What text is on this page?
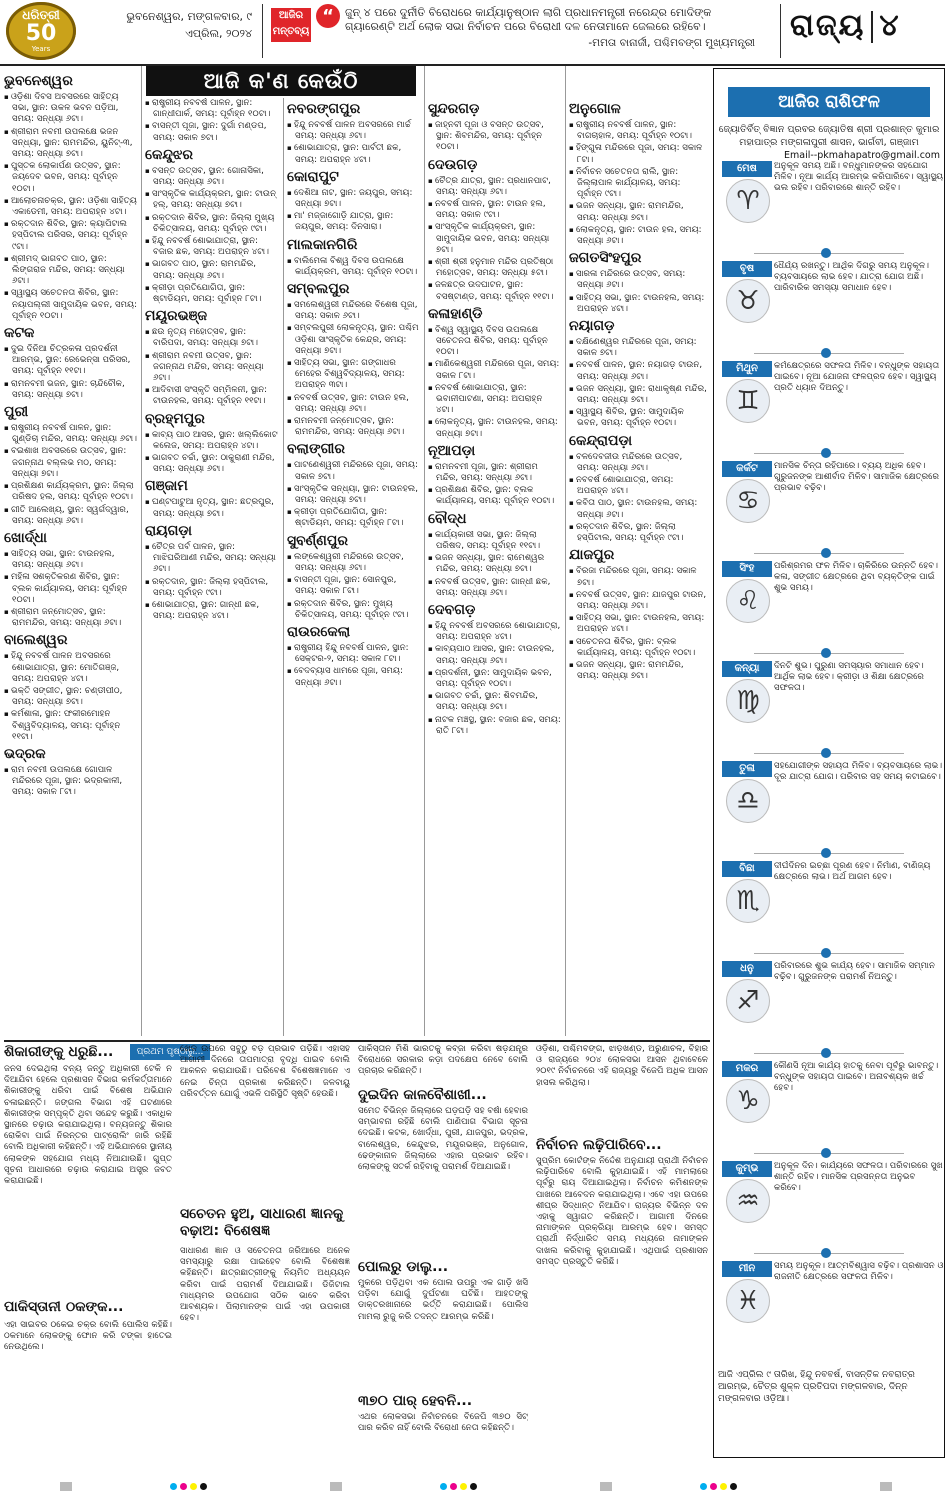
ଧରିତ୍ରୀ
50
Years
ଭୁବନେଶ୍ୱର, ମଙ୍ଗଳବାର, ୯ ଏପ୍ରିଲ, ୨୦୨୪
ଆଜିର ମନ୍ତବ୍ୟ
“	ଜୁନ୍ ୪ ପରେ ଦୁର୍ନୀତି ବିରୋଧରେ କାର୍ଯ୍ୟାନୁଷ୍ଠାନ ଲାଗି ପ୍ରଧାନମନ୍ତ୍ରୀ ନରେନ୍ଦ୍ର ମୋଦିଙ୍କ ଗ୍ୟାରେଣ୍ଟି ଅର୍ଥ ଲୋକ ସଭା ନିର୍ବାଚନ ପରେ ବିରୋଧୀ ଦଳ ନେତାମାନେ ଜେଲରେ ରହିବେ।
-ମମତା ବାନାର୍ଜୀ, ପଶ୍ଚିମବଙ୍ଗ ମୁଖ୍ୟମନ୍ତ୍ରୀ ରାଜ୍ୟ ୪
ଆଜି କ'ଣ କେଉଁଠି
ଭୁବନେଶ୍ୱର
▪ ଓଡ଼ିଶା ଦିବସ ଅବସରରେ ସାହିତ୍ୟ ସଭା, ସ୍ଥାନ: ଉକଳ ଭବନ ପଡ଼ିଆ, ସମୟ: ସନ୍ଧ୍ୟା ୬ଟା।
▪ ଶ୍ରୀରାମ ନବମୀ ଉପଲକ୍ଷେ ଭଜନ ସନ୍ଧ୍ୟା, ସ୍ଥାନ: ରାମମନ୍ଦିର, ୟୁନିଟ୍-୩, ସମୟ: ସନ୍ଧ୍ୟା ୭ଟା।
▪ ପୁସ୍ତକ ଲୋକାର୍ପଣ ଉତ୍ସବ, ସ୍ଥାନ: ଜୟଦେବ ଭବନ, ସମୟ: ପୂର୍ବାହ୍ନ ୧୦ଟା।
▪ ଆଲୋଚନାଚକ୍ର, ସ୍ଥାନ: ଓଡ଼ିଶା ସାହିତ୍ୟ ଏକାଡେମୀ, ସମୟ: ଅପରାହ୍ନ ୪ଟା।
▪ ରକ୍ତଦାନ ଶିବିର, ସ୍ଥାନ: କ୍ୟାପିଟାଲ ହସ୍ପିଟାଲ ପରିସର, ସମୟ: ପୂର୍ବାହ୍ନ ୯ଟା।
▪ ଶ୍ରୀମଦ୍ ଭାଗବତ ପାଠ, ସ୍ଥାନ: ଲିଙ୍ଗରାଜ ମନ୍ଦିର, ସମୟ: ସନ୍ଧ୍ୟା ୬ଟା।
▪ ସ୍ୱାସ୍ଥ୍ୟ ସଚେତନତା ଶିବିର, ସ୍ଥାନ: ନୟାପଲ୍ଲୀ ସାମୁଦାୟିକ ଭବନ, ସମୟ: ପୂର୍ବାହ୍ନ ୧୦ଟା।
କଟକ
▪ ଦୁଇ ଦିନିଆ ଚିତ୍ରକଳା ପ୍ରଦର୍ଶନୀ ଆରମ୍ଭ, ସ୍ଥାନ: ରେଭେନ୍ସା ପରିସର, ସମୟ: ପୂର୍ବାହ୍ନ ୧୧ଟା।
▪ ରାମନବମୀ ଭଜନ, ସ୍ଥାନ: ଚାନ୍ଦିଚୌକ, ସମୟ: ସନ୍ଧ୍ୟା ୭ଟା।
ପୁରୀ
▪ ରାଷ୍ଟ୍ରୀୟ ନବବର୍ଷ ପାଳନ, ସ୍ଥାନ: ଗୁଣ୍ଡିଚା ମନ୍ଦିର, ସମୟ: ସନ୍ଧ୍ୟା ୬ଟା।
▪ ବଇଶାଖ ଅବସରରେ ଉତ୍ସବ, ସ୍ଥାନ: ଜଗନ୍ନାଥ ବଲ୍ଲଭ ମଠ, ସମୟ: ସନ୍ଧ୍ୟା ୭ଟା।
▪ ପ୍ରଶିକ୍ଷଣ କାର୍ଯ୍ୟକ୍ରମ, ସ୍ଥାନ: ଜିଲ୍ଲା ପରିଷଦ ହଲ, ସମୟ: ପୂର୍ବାହ୍ନ ୧୦ଟା।
▪ ଗୀତି ଆଲେଖ୍ୟ, ସ୍ଥାନ: ସ୍ୱର୍ଗଦ୍ୱାର, ସମୟ: ସନ୍ଧ୍ୟା ୬ଟା।
ଖୋର୍ଦ୍ଧା
▪ ସାହିତ୍ୟ ସଭା, ସ୍ଥାନ: ଟାଉନହଲ, ସମୟ: ସନ୍ଧ୍ୟା ୬ଟା।
▪ ମହିଳା ସଶକ୍ତିକରଣ ଶିବିର, ସ୍ଥାନ: ବ୍ଲକ କାର୍ଯ୍ୟାଳୟ, ସମୟ: ପୂର୍ବାହ୍ନ ୧୦ଟା।
▪ ଶ୍ରୀରାମ ଜନ୍ମୋତ୍ସବ, ସ୍ଥାନ: ରାମମନ୍ଦିର, ସମୟ: ସନ୍ଧ୍ୟା ୬ଟା।
ବାଲେଶ୍ୱର
▪ ହିନ୍ଦୁ ନବବର୍ଷ ପାଳନ ଅବସରରେ ଶୋଭାଯାତ୍ରା, ସ୍ଥାନ: ମୋତିଗଞ୍ଜ, ସମୟ: ଅପରାହ୍ନ ୪ଟା।
▪ ଭକ୍ତି ସଙ୍ଗୀତ, ସ୍ଥାନ: ଚଣ୍ଡୀପୀଠ, ସମୟ: ସନ୍ଧ୍ୟା ୭ଟା।
▪ କର୍ମଶାଳା, ସ୍ଥାନ: ଫକୀରମୋହନ ବିଶ୍ୱବିଦ୍ୟାଳୟ, ସମୟ: ପୂର୍ବାହ୍ନ ୧୧ଟା।
ଭଦ୍ରକ
▪ ରାମ ନବମୀ ଉପଲକ୍ଷେ ଗୋପାଳ ମନ୍ଦିରରେ ପୂଜା, ସ୍ଥାନ: ଭଦ୍ରକାଳୀ, ସମୟ: ସକାଳ ୮ଟା।
▪ ରାଷ୍ଟ୍ରୀୟ ନବବର୍ଷ ପାଳନ, ସ୍ଥାନ: ଗାନ୍ଧୀପାର୍କ, ସମୟ: ପୂର୍ବାହ୍ନ ୧୦ଟା।
▪ ବାସନ୍ତୀ ପୂଜା, ସ୍ଥାନ: ଦୁର୍ଗା ମଣ୍ଡପ, ସମୟ: ସକାଳ ୭ଟା।
କେନ୍ଦୁଝର
▪ ବସନ୍ତ ଉତ୍ସବ, ସ୍ଥାନ: ଗୋନାସିକା, ସମୟ: ସନ୍ଧ୍ୟା ୬ଟା।
▪ ସାଂସ୍କୃତିକ କାର୍ଯ୍ୟକ୍ରମ, ସ୍ଥାନ: ଟାଉନ୍ ହଲ୍, ସମୟ: ସନ୍ଧ୍ୟା ୭ଟା।
▪ ରକ୍ତଦାନ ଶିବିର, ସ୍ଥାନ: ଜିଲ୍ଲା ମୁଖ୍ୟ ଚିକିତ୍ସାଳୟ, ସମୟ: ପୂର୍ବାହ୍ନ ୯ଟା।
▪ ହିନ୍ଦୁ ନବବର୍ଷ ଶୋଭାଯାତ୍ରା, ସ୍ଥାନ: ବଜାର ଛକ, ସମୟ: ଅପରାହ୍ନ ୪ଟା।
▪ ଭାଗବତ ପାଠ, ସ୍ଥାନ: ରାମମନ୍ଦିର, ସମୟ: ସନ୍ଧ୍ୟା ୬ଟା।
▪ କ୍ରୀଡ଼ା ପ୍ରତିଯୋଗିତା, ସ୍ଥାନ: ଷ୍ଟାଡିୟମ, ସମୟ: ପୂର୍ବାହ୍ନ ୮ଟା।
ମୟୂରଭଞ୍ଜ
▪ ଛଉ ନୃତ୍ୟ ମହୋତ୍ସବ, ସ୍ଥାନ: ବାରିପଦା, ସମୟ: ସନ୍ଧ୍ୟା ୭ଟା।
▪ ଶ୍ରୀରାମ ନବମୀ ଉତ୍ସବ, ସ୍ଥାନ: ଜଗନ୍ନାଥ ମନ୍ଦିର, ସମୟ: ସନ୍ଧ୍ୟା ୬ଟା।
▪ ଆଦିବାସୀ ସଂସ୍କୃତି ସମ୍ମିଳନୀ, ସ୍ଥାନ: ଟାଉନହଲ, ସମୟ: ପୂର୍ବାହ୍ନ ୧୧ଟା।
ବ୍ରହ୍ମପୁର
▪ କାବ୍ୟ ପାଠ ଆସର, ସ୍ଥାନ: ଖଲ୍ଲିକୋଟ କଲେଜ, ସମୟ: ଅପରାହ୍ନ ୪ଟା।
▪ ଭାଗବତ ଚର୍ଚ୍ଚା, ସ୍ଥାନ: ଠାକୁରାଣୀ ମନ୍ଦିର, ସମୟ: ସନ୍ଧ୍ୟା ୬ଟା।
ଗଞ୍ଜାମ
▪ ଘଣ୍ଟପାଟୁଆ ନୃତ୍ୟ, ସ୍ଥାନ: ଛତ୍ରପୁର, ସମୟ: ସନ୍ଧ୍ୟା ୭ଟା।
ରାୟଗଡ଼ା
▪ ଚୈତ୍ର ପର୍ବ ପାଳନ, ସ୍ଥାନ: ମାଝିଘରିଆଣୀ ମନ୍ଦିର, ସମୟ: ସନ୍ଧ୍ୟା ୬ଟା।
▪ ରକ୍ତଦାନ, ସ୍ଥାନ: ଜିଲ୍ଲା ହସ୍ପିଟାଲ, ସମୟ: ପୂର୍ବାହ୍ନ ୯ଟା।
▪ ଶୋଭାଯାତ୍ରା, ସ୍ଥାନ: ଗାନ୍ଧୀ ଛକ, ସମୟ: ଅପରାହ୍ନ ୪ଟା।
ନବରଙ୍ଗପୁର
▪ ହିନ୍ଦୁ ନବବର୍ଷ ପାଳନ ଅବସରରେ ମାର୍ଚ୍ଚ ସମୟ: ସନ୍ଧ୍ୟା ୬ଟା।
▪ ଶୋଭାଯାତ୍ରା, ସ୍ଥାନ: ପାର୍ବତୀ ଛକ, ସମୟ: ଅପରାହ୍ନ ୪ଟା।
କୋରାପୁଟ
▪ ଦେଶିଆ ନାଟ, ସ୍ଥାନ: ଜୟପୁର, ସମୟ: ସନ୍ଧ୍ୟା ୭ଟା।
▪ ମା' ମଜ୍ଜାଗୋଡ଼ି ଯାତ୍ରା, ସ୍ଥାନ: ଜୟପୁର, ସମୟ: ଦିନସାରା।
ମାଲକାନଗିରି
▪ ବାଲିମେଳା ବିଶ୍ୱ ଦିବସ ଉପଲକ୍ଷେ କାର୍ଯ୍ୟକ୍ରମ, ସମୟ: ପୂର୍ବାହ୍ନ ୧୦ଟା।
ସମ୍ବଲପୁର
▪ ସମଲେଶ୍ୱରୀ ମନ୍ଦିରରେ ବିଶେଷ ପୂଜା, ସମୟ: ସକାଳ ୬ଟା।
▪ ସମ୍ବଲପୁରୀ ଲୋକନୃତ୍ୟ, ସ୍ଥାନ: ପଶ୍ଚିମ ଓଡ଼ିଶା ସାଂସ୍କୃତିକ କେନ୍ଦ୍ର, ସମୟ: ସନ୍ଧ୍ୟା ୭ଟା।
▪ ସାହିତ୍ୟ ସଭା, ସ୍ଥାନ: ଗଙ୍ଗାଧର ମେହେର ବିଶ୍ୱବିଦ୍ୟାଳୟ, ସମୟ: ଅପରାହ୍ନ ୩ଟା।
▪ ନବବର୍ଷ ଉତ୍ସବ, ସ୍ଥାନ: ଟାଉନ ହଲ, ସମୟ: ସନ୍ଧ୍ୟା ୬ଟା।
▪ ରାମନବମୀ ଜନ୍ମୋତ୍ସବ, ସ୍ଥାନ: ରାମମନ୍ଦିର, ସମୟ: ସନ୍ଧ୍ୟା ୬ଟା।
ବଲାଙ୍ଗୀର
▪ ପାଟଣେଶ୍ୱରୀ ମନ୍ଦିରରେ ପୂଜା, ସମୟ: ସକାଳ ୭ଟା।
▪ ସାଂସ୍କୃତିକ ସନ୍ଧ୍ୟା, ସ୍ଥାନ: ଟାଉନହଲ, ସମୟ: ସନ୍ଧ୍ୟା ୭ଟା।
▪ କ୍ରୀଡ଼ା ପ୍ରତିଯୋଗିତା, ସ୍ଥାନ: ଷ୍ଟାଡିୟମ, ସମୟ: ପୂର୍ବାହ୍ନ ୮ଟା।
ସୁବର୍ଣ୍ଣପୁର
▪ ଲଙ୍କେଶ୍ୱରୀ ମନ୍ଦିରରେ ଉତ୍ସବ, ସମୟ: ସନ୍ଧ୍ୟା ୬ଟା।
▪ ବାସନ୍ତୀ ପୂଜା, ସ୍ଥାନ: ସୋନପୁର, ସମୟ: ସକାଳ ୮ଟା।
▪ ରକ୍ତଦାନ ଶିବିର, ସ୍ଥାନ: ମୁଖ୍ୟ ଚିକିତ୍ସାଳୟ, ସମୟ: ପୂର୍ବାହ୍ନ ୯ଟା।
ରାଉରକେଲା
▪ ରାଷ୍ଟ୍ରୀୟ ହିନ୍ଦୁ ନବବର୍ଷ ପାଳନ, ସ୍ଥାନ: ସେକ୍ଟର-୨, ସମୟ: ସକାଳ ୮ଟା।
▪ ବେଦବ୍ୟାସ ଧାମରେ ପୂଜା, ସମୟ: ସନ୍ଧ୍ୟା ୬ଟା।
ସୁନ୍ଦରଗଡ଼
▪ ଜାହ୍ନବୀ ପୂଜା ଓ ବସନ୍ତ ଉତ୍ସବ, ସ୍ଥାନ: ଶିବମନ୍ଦିର, ସମୟ: ପୂର୍ବାହ୍ନ ୧୦ଟା।
ଦେଉଗଡ଼
▪ ଚୈତ୍ର ଯାତ୍ରା, ସ୍ଥାନ: ପ୍ରଧାନପାଟ, ସମୟ: ସନ୍ଧ୍ୟା ୬ଟା।
▪ ନବବର୍ଷ ପାଳନ, ସ୍ଥାନ: ଟାଉନ ହଲ, ସମୟ: ସକାଳ ୯ଟା।
▪ ସାଂସ୍କୃତିକ କାର୍ଯ୍ୟକ୍ରମ, ସ୍ଥାନ: ସାମୁଦାୟିକ ଭବନ, ସମୟ: ସନ୍ଧ୍ୟା ୭ଟା।
▪ ଶ୍ରୀ ଶ୍ରୀ ହନୁମାନ ମନ୍ଦିର ପ୍ରତିଷ୍ଠା ମହୋତ୍ସବ, ସମୟ: ସନ୍ଧ୍ୟା ୫ଟା।
▪ ଜଳଛତ୍ର ଉଦଘାଟନ, ସ୍ଥାନ: ବସଷ୍ଟାଣ୍ଡ, ସମୟ: ପୂର୍ବାହ୍ନ ୧୧ଟା।
କଳାହାଣ୍ଡି
▪ ବିଶ୍ୱ ସ୍ୱାସ୍ଥ୍ୟ ଦିବସ ଉପଲକ୍ଷେ ସଚେତନତା ଶିବିର, ସମୟ: ପୂର୍ବାହ୍ନ ୧୦ଟା।
▪ ମାଣିକେଶ୍ୱରୀ ମନ୍ଦିରରେ ପୂଜା, ସମୟ: ସକାଳ ୮ଟା।
▪ ନବବର୍ଷ ଶୋଭାଯାତ୍ରା, ସ୍ଥାନ: ଭବାନୀପାଟଣା, ସମୟ: ଅପରାହ୍ନ ୪ଟା।
▪ ଲୋକନୃତ୍ୟ, ସ୍ଥାନ: ଟାଉନହଲ, ସମୟ: ସନ୍ଧ୍ୟା ୭ଟା।
ନୂଆପଡ଼ା
▪ ରାମନବମୀ ପୂଜା, ସ୍ଥାନ: ଶ୍ରୀରାମ ମନ୍ଦିର, ସମୟ: ସନ୍ଧ୍ୟା ୬ଟା।
▪ ପ୍ରଶିକ୍ଷଣ ଶିବିର, ସ୍ଥାନ: ବ୍ଲକ କାର୍ଯ୍ୟାଳୟ, ସମୟ: ପୂର୍ବାହ୍ନ ୧୦ଟା।
ବୌଦ୍ଧ
▪ କାର୍ଯ୍ୟକାରୀ ସଭା, ସ୍ଥାନ: ଜିଲ୍ଲା ପରିଷଦ, ସମୟ: ପୂର୍ବାହ୍ନ ୧୧ଟା।
▪ ଭଜନ ସନ୍ଧ୍ୟା, ସ୍ଥାନ: ରାମେଶ୍ୱର ମନ୍ଦିର, ସମୟ: ସନ୍ଧ୍ୟା ୭ଟା।
▪ ନବବର୍ଷ ଉତ୍ସବ, ସ୍ଥାନ: ଗାନ୍ଧୀ ଛକ, ସମୟ: ସନ୍ଧ୍ୟା ୬ଟା।
ଦେବଗଡ଼
▪ ହିନ୍ଦୁ ନବବର୍ଷ ଅବସରରେ ଶୋଭାଯାତ୍ରା, ସମୟ: ଅପରାହ୍ନ ୪ଟା।
▪ କାବ୍ୟପାଠ ଆସର, ସ୍ଥାନ: ଟାଉନହଲ, ସମୟ: ସନ୍ଧ୍ୟା ୬ଟା।
▪ ପ୍ରଦର୍ଶନୀ, ସ୍ଥାନ: ସାମୁଦାୟିକ ଭବନ, ସମୟ: ପୂର୍ବାହ୍ନ ୧୦ଟା।
▪ ଭାଗବତ ଚର୍ଚ୍ଚା, ସ୍ଥାନ: ଶିବମନ୍ଦିର, ସମୟ: ସନ୍ଧ୍ୟା ୭ଟା।
▪ ନାଟକ ମଞ୍ଚସ୍ଥ, ସ୍ଥାନ: ବଜାର ଛକ, ସମୟ: ରାତି ୮ଟା।
ଅନୁଗୋଳ
▪ ରାଷ୍ଟ୍ରୀୟ ନବବର୍ଷ ପାଳନ, ସ୍ଥାନ: ବାଗଚାହାଳ, ସମୟ: ପୂର୍ବାହ୍ନ ୧୦ଟା।
▪ ହିଙ୍ଗୁଳା ମନ୍ଦିରରେ ପୂଜା, ସମୟ: ସକାଳ ୮ଟା।
▪ ନିର୍ବାଚନ ସଚେତନତା ରାଲି, ସ୍ଥାନ: ଜିଲ୍ଲାପାଳ କାର୍ଯ୍ୟାଳୟ, ସମୟ: ପୂର୍ବାହ୍ନ ୯ଟା।
▪ ଭଜନ ସନ୍ଧ୍ୟା, ସ୍ଥାନ: ରାମମନ୍ଦିର, ସମୟ: ସନ୍ଧ୍ୟା ୭ଟା।
▪ ଲୋକନୃତ୍ୟ, ସ୍ଥାନ: ଟାଉନ ହଲ, ସମୟ: ସନ୍ଧ୍ୟା ୬ଟା।
ଜଗତସିଂହପୁର
▪ ସାରଳା ମନ୍ଦିରରେ ଉତ୍ସବ, ସମୟ: ସନ୍ଧ୍ୟା ୬ଟା।
▪ ସାହିତ୍ୟ ସଭା, ସ୍ଥାନ: ଟାଉନହଲ, ସମୟ: ଅପରାହ୍ନ ୪ଟା।
ନୟାଗଡ଼
▪ ଦକ୍ଷିଣେଶ୍ୱର ମନ୍ଦିରରେ ପୂଜା, ସମୟ: ସକାଳ ୭ଟା।
▪ ନବବର୍ଷ ପାଳନ, ସ୍ଥାନ: ନୟାଗଡ଼ ଟାଉନ, ସମୟ: ସନ୍ଧ୍ୟା ୬ଟା।
▪ ଭଜନ ସନ୍ଧ୍ୟା, ସ୍ଥାନ: ରାଧାକୃଷ୍ଣ ମନ୍ଦିର, ସମୟ: ସନ୍ଧ୍ୟା ୭ଟା।
▪ ସ୍ୱାସ୍ଥ୍ୟ ଶିବିର, ସ୍ଥାନ: ସାମୁଦାୟିକ ଭବନ, ସମୟ: ପୂର୍ବାହ୍ନ ୧୦ଟା।
କେନ୍ଦ୍ରାପଡ଼ା
▪ ବଳଦେବଜୀଉ ମନ୍ଦିରରେ ଉତ୍ସବ, ସମୟ: ସନ୍ଧ୍ୟା ୬ଟା।
▪ ନବବର୍ଷ ଶୋଭାଯାତ୍ରା, ସମୟ: ଅପରାହ୍ନ ୪ଟା।
▪ କବିତା ପାଠ, ସ୍ଥାନ: ଟାଉନହଲ, ସମୟ: ସନ୍ଧ୍ୟା ୬ଟା।
▪ ରକ୍ତଦାନ ଶିବିର, ସ୍ଥାନ: ଜିଲ୍ଲା ହସ୍ପିଟାଲ, ସମୟ: ପୂର୍ବାହ୍ନ ୯ଟା।
ଯାଜପୁର
▪ ବିରଜା ମନ୍ଦିରରେ ପୂଜା, ସମୟ: ସକାଳ ୭ଟା।
▪ ନବବର୍ଷ ଉତ୍ସବ, ସ୍ଥାନ: ଯାଜପୁର ଟାଉନ, ସମୟ: ସନ୍ଧ୍ୟା ୬ଟା।
▪ ସାହିତ୍ୟ ସଭା, ସ୍ଥାନ: ଟାଉନହଲ, ସମୟ: ଅପରାହ୍ନ ୪ଟା।
▪ ସଚେତନତା ଶିବିର, ସ୍ଥାନ: ବ୍ଲକ କାର୍ଯ୍ୟାଳୟ, ସମୟ: ପୂର୍ବାହ୍ନ ୧୦ଟା।
▪ ଭଜନ ସନ୍ଧ୍ୟା, ସ୍ଥାନ: ରାମମନ୍ଦିର, ସମୟ: ସନ୍ଧ୍ୟା ୭ଟା।
ଆଜିର ରାଶିଫଳ
ଜ୍ୟୋତିର୍ବିତ୍ ବିଜ୍ଞାନ ପ୍ରବର ଜ୍ୟୋତିଷ ଶ୍ରୀ ପ୍ରଶାନ୍ତ କୁମାର ମହାପାତ୍ର ମଙ୍ଗଳାପୁରୀ ଶାସନ, ଭାର୍ଗବୀ, ଗଞ୍ଜାମ
Email--pkmahapatro@gmail.com
ଆଜି ଏପ୍ରିଲ ୯ ତାରିଖ, ହିନ୍ଦୁ ନବବର୍ଷ, ବାସନ୍ତିକ ନବରାତ୍ର ଆରମ୍ଭ, ଚୈତ୍ର ଶୁକ୍ଳ ପ୍ରତିପଦା ମଙ୍ଗଳବାର, ଦିନ୍ନ ମଙ୍ଗଳବାର ଓଡ଼ିଆ।
ମେଷ
♈
ଅନୁକୂଳ ସମୟ ଅଛି। ବନ୍ଧୁମାନଙ୍କର ସହଯୋଗ ମିଳିବ। ନୂଆ କାର୍ଯ୍ୟ ଆରମ୍ଭ କରିପାରିବେ। ସ୍ୱାସ୍ଥ୍ୟ ଭଲ ରହିବ। ପରିବାରରେ ଶାନ୍ତି ରହିବ।
ବୃଷ
♉
ଧୈର୍ଯ୍ୟ ରଖନ୍ତୁ। ଆର୍ଥିକ ଦିଗରୁ ସମୟ ଅନୁକୂଳ। ବ୍ୟବସାୟରେ ଲାଭ ହେବ। ଯାତ୍ରା ଯୋଗ ଅଛି। ପାରିବାରିକ ସମସ୍ୟା ସମାଧାନ ହେବ।
ମିଥୁନ
♊
କର୍ମକ୍ଷେତ୍ରରେ ସଫଳତା ମିଳିବ। ବନ୍ଧୁଙ୍କ ସହାୟତା ପାଇବେ। ନୂଆ ଯୋଜନା ଫଳପ୍ରଦ ହେବ। ସ୍ୱାସ୍ଥ୍ୟ ପ୍ରତି ଧ୍ୟାନ ଦିଅନ୍ତୁ।
କର୍କଟ
♋
ମାନସିକ ଚିନ୍ତା ରହିପାରେ। ବ୍ୟୟ ଅଧିକ ହେବ। ଗୁରୁଜନଙ୍କ ଆଶୀର୍ବାଦ ମିଳିବ। ସାମାଜିକ କ୍ଷେତ୍ରରେ ପ୍ରଭାବ ବଢ଼ିବ।
ସିଂହ
♌
ପରିଶ୍ରମର ଫଳ ମିଳିବ। ଚାକିରିରେ ଉନ୍ନତି ହେବ। କଳା, ସଙ୍ଗୀତ କ୍ଷେତ୍ରରେ ଥିବା ବ୍ୟକ୍ତିଙ୍କ ପାଇଁ ଶୁଭ ସମୟ।
କନ୍ୟା
♍
ଦିନଟି ଶୁଭ। ପୁରୁଣା ସମସ୍ୟାର ସମାଧାନ ହେବ। ଆର୍ଥିକ ଲାଭ ହେବ। କ୍ରୀଡ଼ା ଓ ଶିକ୍ଷା କ୍ଷେତ୍ରରେ ସଫଳତା।
ତୁଳା
♎
ସହଯୋଗୀଙ୍କ ସହାୟତା ମିଳିବ। ବ୍ୟବସାୟରେ ଲାଭ। ଦୂର ଯାତ୍ରା ଯୋଗ। ପରିବାର ସହ ସମୟ କଟାଇବେ।
ବିଛା
♏
ଦୀର୍ଘଦିନର ଇଚ୍ଛା ପୂରଣ ହେବ। ନିର୍ମାଣ, ବାଣିଜ୍ୟ କ୍ଷେତ୍ରରେ ଲାଭ। ଅର୍ଥ ଆଗମ ହେବ।
ଧନୁ
♐
ପରିବାରରେ ଶୁଭ କାର୍ଯ୍ୟ ହେବ। ସାମାଜିକ ସମ୍ମାନ ବଢ଼ିବ। ଗୁରୁଜନଙ୍କ ପରାମର୍ଶ ନିଅନ୍ତୁ।
ମକର
♑
କୌଣସି ନୂଆ କାର୍ଯ୍ୟ ହାତକୁ ନେବା ପୂର୍ବରୁ ଭାବନ୍ତୁ। ବନ୍ଧୁଙ୍କ ସହାୟତା ପାଇବେ। ଅନାବଶ୍ୟକ ଖର୍ଚ୍ଚ ହେବ।
କୁମ୍ଭ
♒
ଅନୁକୂଳ ଦିନ। କାର୍ଯ୍ୟରେ ସଫଳତା। ପରିବାରରେ ସୁଖ ଶାନ୍ତି ରହିବ। ମାନସିକ ପ୍ରସନ୍ନତା ଅନୁଭବ କରିବେ।
ମୀନ
♓
ସମୟ ଅନୁକୂଳ। ଆତ୍ମବିଶ୍ୱାସ ବଢ଼ିବ। ପ୍ରଶାସନ ଓ ରାଜନୀତି କ୍ଷେତ୍ରରେ ସଫଳତା ମିଳିବ।
ଶିକାରୀଙ୍କୁ ଧରୁଛି...	ପ୍ରଥମ ପୃଷ୍ଠାରୁ...
ଜନସ ଦେଇଥିଲା ବନ୍ୟ ଜନ୍ତୁ ଅଧିକାରୀ ଟେକି ନ ଦିଆଯିବା ହେଲେ ପ୍ରଶାସନ ବିଭାଗ କର୍ମକର୍ତ୍ତାମାନେ ଶିକାରୀଙ୍କୁ ଧରିବା ପାଇଁ ବିଶେଷ ଅଭିଯାନ ଚଳାଇଛନ୍ତି। ଜଙ୍ଗଲ ବିଭାଗ ଏହି ଘଟଣାରେ ଶିକାରୀଙ୍କ ସମ୍ପୃକ୍ତି ଥିବା ସନ୍ଦେହ କରୁଛି। ଏକାଧିକ ସ୍ଥାନରେ ଚଢ଼ାଉ କରାଯାଇଥିଲା। ବନ୍ୟଜନ୍ତୁ ଶିକାର ରୋକିବା ପାଇଁ ନିରନ୍ତର ପାଟ୍ରୋଲିଂ ଜାରି ରହିଛି ବୋଲି ଅଧିକାରୀ କହିଛନ୍ତି। ଏହି ଅଭିଯାନରେ ସ୍ଥାନୀୟ ଲୋକଙ୍କ ସହଯୋଗ ମଧ୍ୟ ନିଆଯାଉଛି। ଗୁପ୍ତ ସୂଚନା ଆଧାରରେ ଚଢ଼ାଉ କରାଯାଇ ଅସ୍ତ୍ର ଜବତ କରାଯାଇଛି।
ପାକିସ୍ତାନୀ ଠକଙ୍କ...
ଏହା ସାଇବର ଠକେଇ ଚକ୍ର ବୋଲି ପୋଲିସ କହିଛି। ଠକମାନେ ଲୋକଙ୍କୁ ଫୋନ କରି ଟଙ୍କା ହାତେଇ ନେଉଥିଲେ।
ଖେଳ ଉପରେ ସବୁଠୁ ବଡ଼ ପ୍ରଭାବ ପଡ଼ିଛି। ଏହାସହ ଆଗାମୀ ଦିନରେ ତାପମାତ୍ରା ବୃଦ୍ଧି ପାଇବ ବୋଲି ଆକଳନ କରାଯାଉଛି। ପରିବେଶ ବିଶେଷଜ୍ଞମାନେ ଏ ନେଇ ଚିନ୍ତା ପ୍ରକାଶ କରିଛନ୍ତି। ଜଳବାୟୁ ପରିବର୍ତ୍ତନ ଯୋଗୁଁ ଏଭଳି ପରିସ୍ଥିତି ସୃଷ୍ଟି ହେଉଛି।
ସଚେତନ ହୁଅ, ସାଧାରଣ ଜ୍ଞାନକୁ ବଢ଼ାଅ: ବିଶେଷଜ୍ଞ
ସାଧାରଣ ଜ୍ଞାନ ଓ ସଚେତନତା ଜରିଆରେ ଅନେକ ସମସ୍ୟାରୁ ରକ୍ଷା ପାଇହେବ ବୋଲି ବିଶେଷଜ୍ଞ କହିଛନ୍ତି। ଛାତ୍ରଛାତ୍ରୀଙ୍କୁ ନିୟମିତ ଅଧ୍ୟୟନ କରିବା ପାଇଁ ପରାମର୍ଶ ଦିଆଯାଇଛି। ଡିଜିଟାଲ ମାଧ୍ୟମର ଉପଯୋଗ ସଠିକ ଭାବେ କରିବା ଆବଶ୍ୟକ। ପିଲାମାନଙ୍କ ପାଇଁ ଏହା ଉପକାରୀ ହେବ।
ପାକିସ୍ତାନ ମିଶି ଭାରତକୁ କବ୍‌ଜା କରିବା ଷଡ଼ଯନ୍ତ୍ର ବିରୋଧରେ ସରକାର କଡ଼ା ପଦକ୍ଷେପ ନେବେ ବୋଲି ପ୍ରଚାର କରିଛନ୍ତି।
ଦୁଇଦିନ କାଳବୈଶାଖୀ...
ସମେତ ବିଭିନ୍ନ ଜିଲ୍ଲାରେ ଘଡ଼ଘଡ଼ି ସହ ବର୍ଷା ହେବାର ସମ୍ଭାବନା ରହିଛି ବୋଲି ପାଣିପାଗ ବିଭାଗ ସୂଚନା ଦେଇଛି। କଟକ, ଖୋର୍ଦ୍ଧା, ପୁରୀ, ଯାଜପୁର, ଭଦ୍ରକ, ବାଲେଶ୍ୱର, କେନ୍ଦୁଝର, ମୟୂରଭଞ୍ଜ, ଅନୁଗୋଳ, ଢେଙ୍କାନାଳ ଜିଲ୍ଲାରେ ଏହାର ପ୍ରଭାବ ରହିବ। ଲୋକଙ୍କୁ ସତର୍କ ରହିବାକୁ ପରାମର୍ଶ ଦିଆଯାଇଛି।
ପୋଲରୁ ଡାଲୁ...
ମୁକରେ ପଡ଼ିଥିବା ଏକ ପୋଲ ଉପରୁ ଏକ ଗାଡ଼ି ଖସି ପଡ଼ିବା ଯୋଗୁଁ ଦୁର୍ଘଟଣା ଘଟିଛି। ଆହତଙ୍କୁ ଡାକ୍ତରଖାନାରେ ଭର୍ତ୍ତି କରାଯାଇଛି। ପୋଲିସ ମାମଲା ରୁଜୁ କରି ତଦନ୍ତ ଆରମ୍ଭ କରିଛି।
୩୭୦ ପାର୍ ହେବନି...
ଏଥର ଲୋକସଭା ନିର୍ବାଚନରେ ବିଜେପି ୩୭୦ ସିଟ୍ ପାର କରିବ ନାହିଁ ବୋଲି ବିରୋଧୀ ନେତା କହିଛନ୍ତି।
ଓଡ଼ିଶା, ପଶ୍ଚିମବଙ୍ଗ, ଝାଡ଼ଖଣ୍ଡ, ଅରୁଣାଚଳ, ବିହାର ଓ ରାଜ୍ୟରେ ୨୦୪ ଲୋକସଭା ଆସନ ଥିବାବେଳେ ୨୦୧୯ ନିର୍ବାଚନରେ ଏହି ରାଜ୍ୟରୁ ବିଜେପି ଅଧିକ ଆସନ ହାସଲ କରିଥିଲା।
ନିର୍ବାଚନ ଲଢ଼ିପାରିବେ...
ସୁପ୍ରିମ କୋର୍ଟଙ୍କ ନିର୍ଦ୍ଦେଶ ଅନୁଯାୟୀ ପ୍ରାର୍ଥୀ ନିର୍ବାଚନ ଲଢ଼ିପାରିବେ ବୋଲି କୁହାଯାଇଛି। ଏହି ମାମଲାରେ ପୂର୍ବରୁ ରାୟ ଦିଆଯାଇଥିଲା। ନିର୍ବାଚନ କମିଶନଙ୍କ ପାଖରେ ଆବେଦନ କରାଯାଇଥିଲା। ଏବେ ଏହା ଉପରେ ଶୀଘ୍ର ସିଦ୍ଧାନ୍ତ ନିଆଯିବ। ରାଜ୍ୟର ବିଭିନ୍ନ ଦଳ ଏହାକୁ ସ୍ୱାଗତ କରିଛନ୍ତି। ଆଗାମୀ ଦିନରେ ନାମାଙ୍କନ ପ୍ରକ୍ରିୟା ଆରମ୍ଭ ହେବ। ସମସ୍ତ ପ୍ରାର୍ଥୀ ନିର୍ଦ୍ଧାରିତ ସମୟ ମଧ୍ୟରେ ନାମାଙ୍କନ ଦାଖଲ କରିବାକୁ କୁହାଯାଇଛି। ଏଥିପାଇଁ ପ୍ରଶାସନ ସମସ୍ତ ପ୍ରସ୍ତୁତି କରିଛି।
